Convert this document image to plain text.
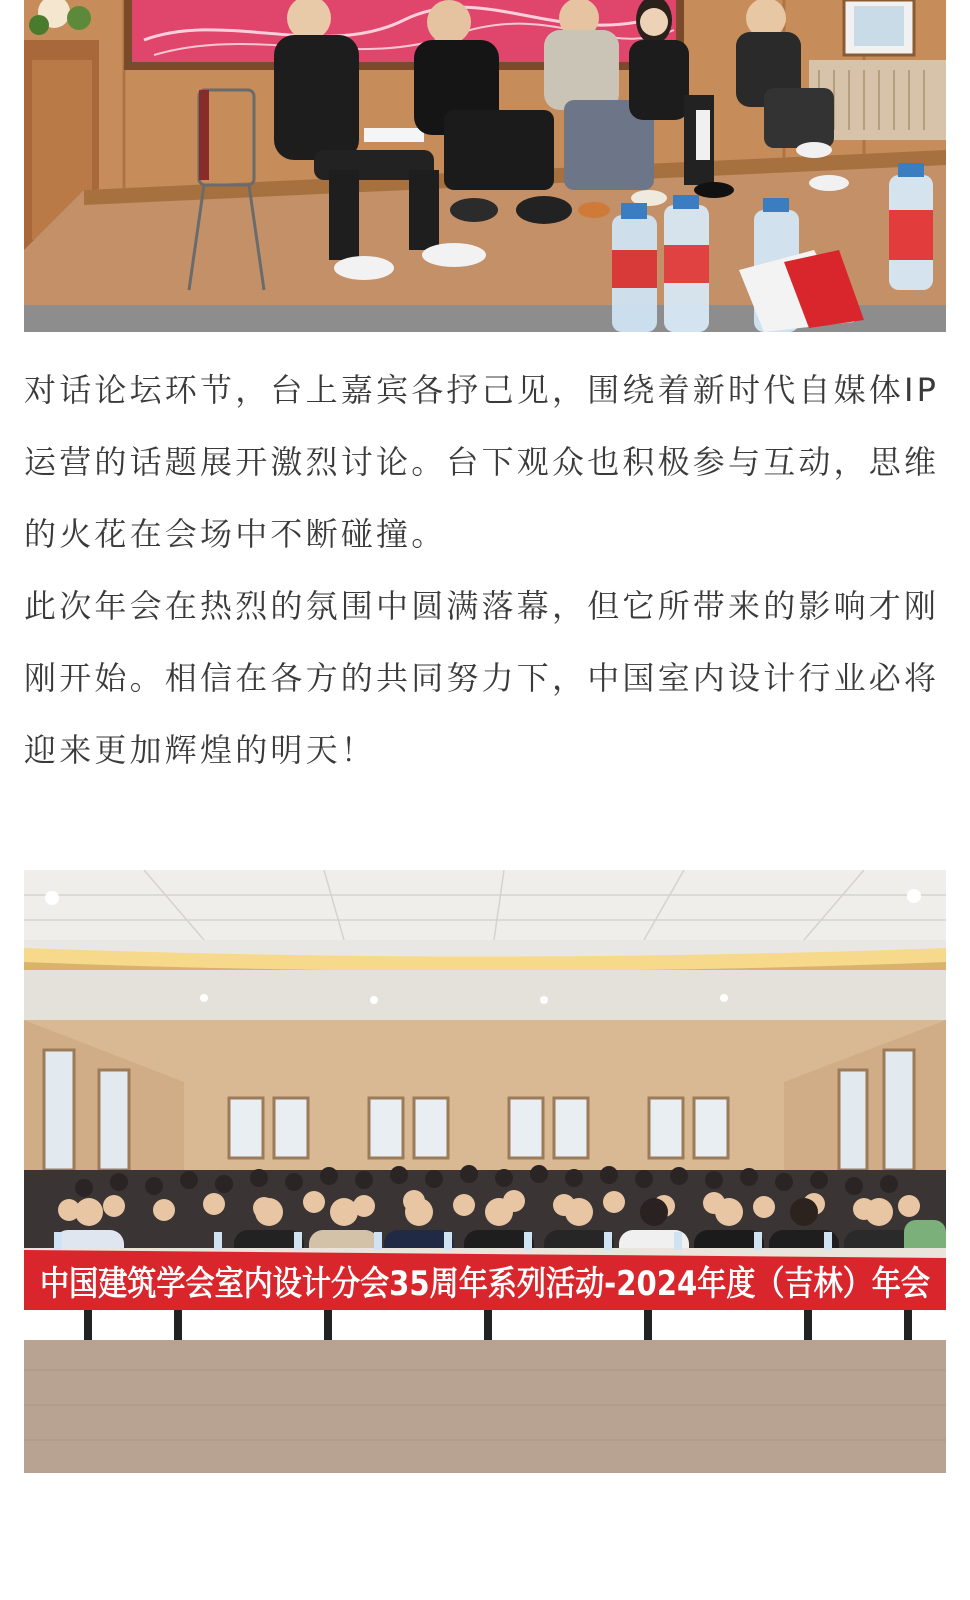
对话论坛环节，台上嘉宾各抒己见，围绕着新时代自媒体IP运营的话题展开激烈讨论。台下观众也积极参与互动，思维的火花在会场中不断碰撞。

此次年会在热烈的氛围中圆满落幕，但它所带来的影响才刚刚开始。相信在各方的共同努力下，中国室内设计行业必将迎来更加辉煌的明天！

中国建筑学会室内设计分会35周年系列活动-2024年度（吉林）年会
